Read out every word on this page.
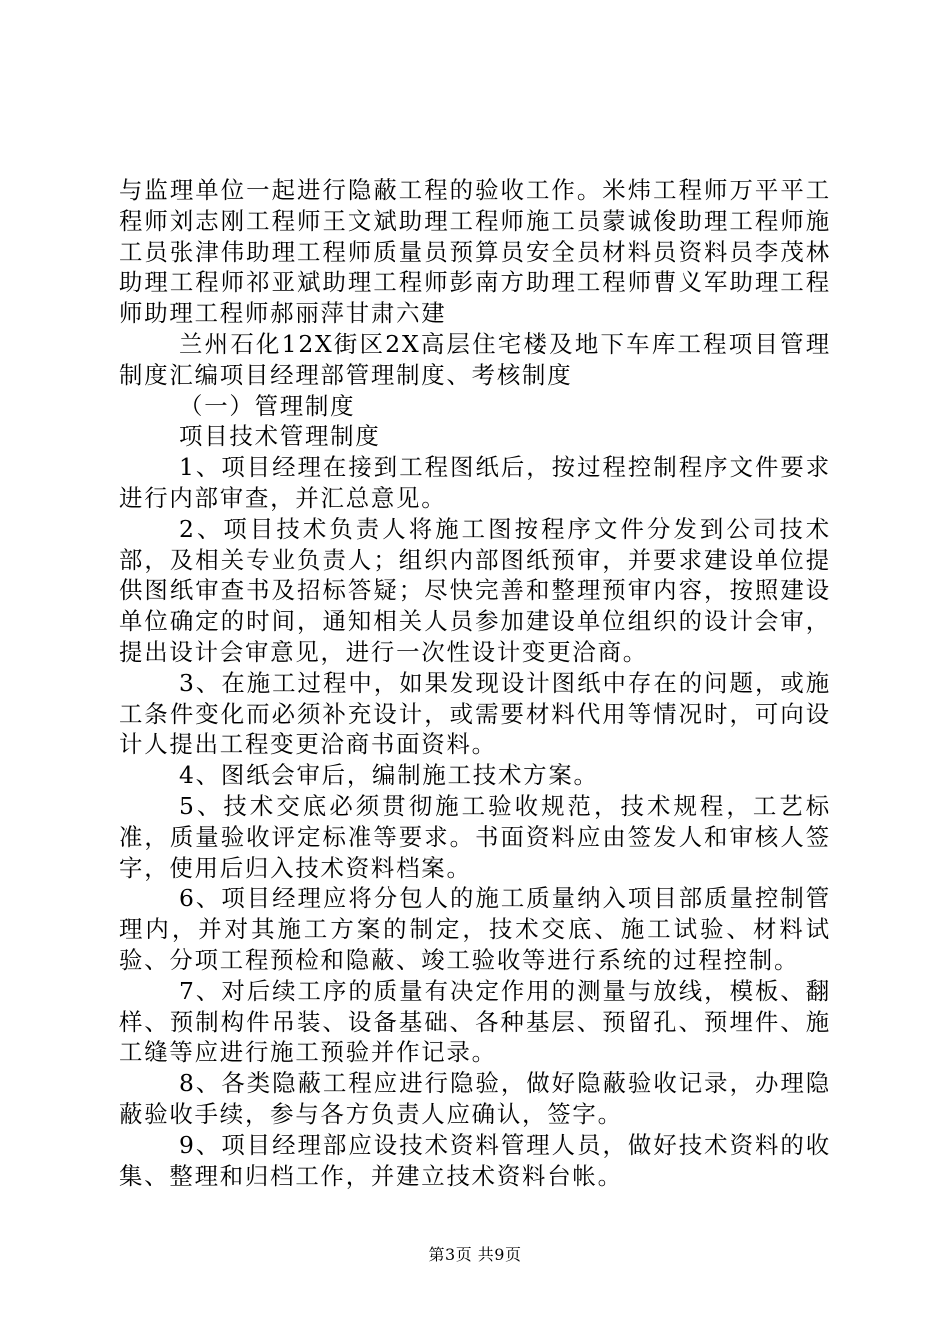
与监理单位一起进行隐蔽工程的验收工作。米炜工程师万平平工程师刘志刚工程师王文斌助理工程师施工员蒙诚俊助理工程师施工员张津伟助理工程师质量员预算员安全员材料员资料员李茂林助理工程师祁亚斌助理工程师彭南方助理工程师曹义军助理工程师助理工程师郝丽萍甘肃六建

兰州石化12X街区2X高层住宅楼及地下车库工程项目管理制度汇编项目经理部管理制度、考核制度

（一）管理制度

项目技术管理制度

1、项目经理在接到工程图纸后，按过程控制程序文件要求进行内部审查，并汇总意见。

2、项目技术负责人将施工图按程序文件分发到公司技术部，及相关专业负责人；组织内部图纸预审，并要求建设单位提供图纸审查书及招标答疑；尽快完善和整理预审内容，按照建设单位确定的时间，通知相关人员参加建设单位组织的设计会审，提出设计会审意见，进行一次性设计变更洽商。

3、在施工过程中，如果发现设计图纸中存在的问题，或施工条件变化而必须补充设计，或需要材料代用等情况时，可向设计人提出工程变更洽商书面资料。

4、图纸会审后，编制施工技术方案。

5、技术交底必须贯彻施工验收规范，技术规程，工艺标准，质量验收评定标准等要求。书面资料应由签发人和审核人签字，使用后归入技术资料档案。

6、项目经理应将分包人的施工质量纳入项目部质量控制管理内，并对其施工方案的制定，技术交底、施工试验、材料试验、分项工程预检和隐蔽、竣工验收等进行系统的过程控制。

7、对后续工序的质量有决定作用的测量与放线，模板、翻样、预制构件吊装、设备基础、各种基层、预留孔、预埋件、施工缝等应进行施工预验并作记录。

8、各类隐蔽工程应进行隐验，做好隐蔽验收记录，办理隐蔽验收手续，参与各方负责人应确认，签字。

9、项目经理部应设技术资料管理人员，做好技术资料的收集、整理和归档工作，并建立技术资料台帐。

第3页 共9页
